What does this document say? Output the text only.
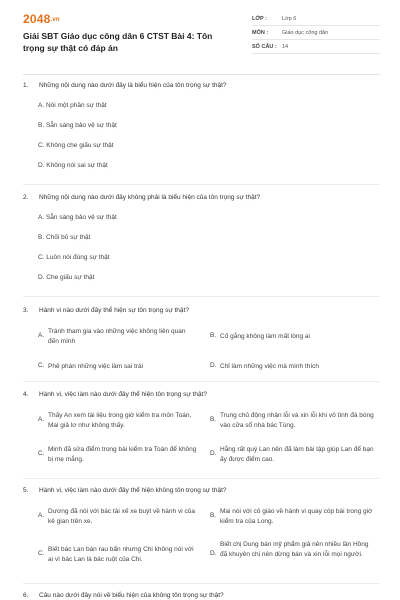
2048.vn
Giải SBT Giáo dục công dân 6 CTST Bài 4: Tôn trọng sự thật có đáp án
LỚP :	Lớp 6
MÔN :	Giáo dục công dân
SỐ CÂU : 14
1. Những nội dung nào dưới đây là biểu hiện của tôn trọng sự thật?
A. Nói một phần sự thật
B. Sẵn sàng bảo vệ sự thật
C. Không che giấu sự thật
D. Không nói sai sự thật
2. Những nội dung nào dưới đây không phải là biểu hiện của tôn trọng sự thật?
A. Sẵn sàng bảo vệ sự thật
B. Chối bỏ sự thật
C. Luôn nói đúng sự thật
D. Che giấu sự thật
3. Hành vi nào dưới đây thể hiện sự tôn trọng sự thật?
A.
Tránh tham gia vào những việc không liên quan đến mình
B. Cố gắng không làm mất lòng ai
C. Phê phán những việc làm sai trái	D. Chỉ làm những việc mà mình thích
4. Hành vi, việc làm nào dưới đây thể hiện tôn trọng sự thật?
A.
Thấy An xem tài liệu trong giờ kiểm tra môn Toán, Mai giả lơ như không thấy.
B.
Trung chủ động nhận lỗi và xin lỗi khi vô tình đá bóng vào cửa sổ nhà bác Tùng.
C.
Minh đã sửa điểm trong bài kiểm tra Toán để không bị mẹ mắng.
D.
Hằng rất quý Lan nên đã làm bài tập giúp Lan để bạn ấy được điểm cao.
5. Hành vi, việc làm nào dưới đây thể hiện không tôn trọng sự thật?
A.
Dương đã nói với bác tài xế xe buýt về hành vi của kẻ gian trên xe.
B.
Mai nói với cô giáo về hành vi quay cóp bài trong giờ kiểm tra của Long.
C.
Biết bác Lan bán rau bẩn nhưng Chi không nói với ai vì bác Lan là bác ruột của Chi.
D.
Biết chị Dung bán mỹ phẩm giả nên nhiều lần Hồng đã khuyên chị nên dừng bán và xin lỗi mọi người.
6. Câu nào dưới đây nói về biểu hiện của không tôn trọng sự thật?
